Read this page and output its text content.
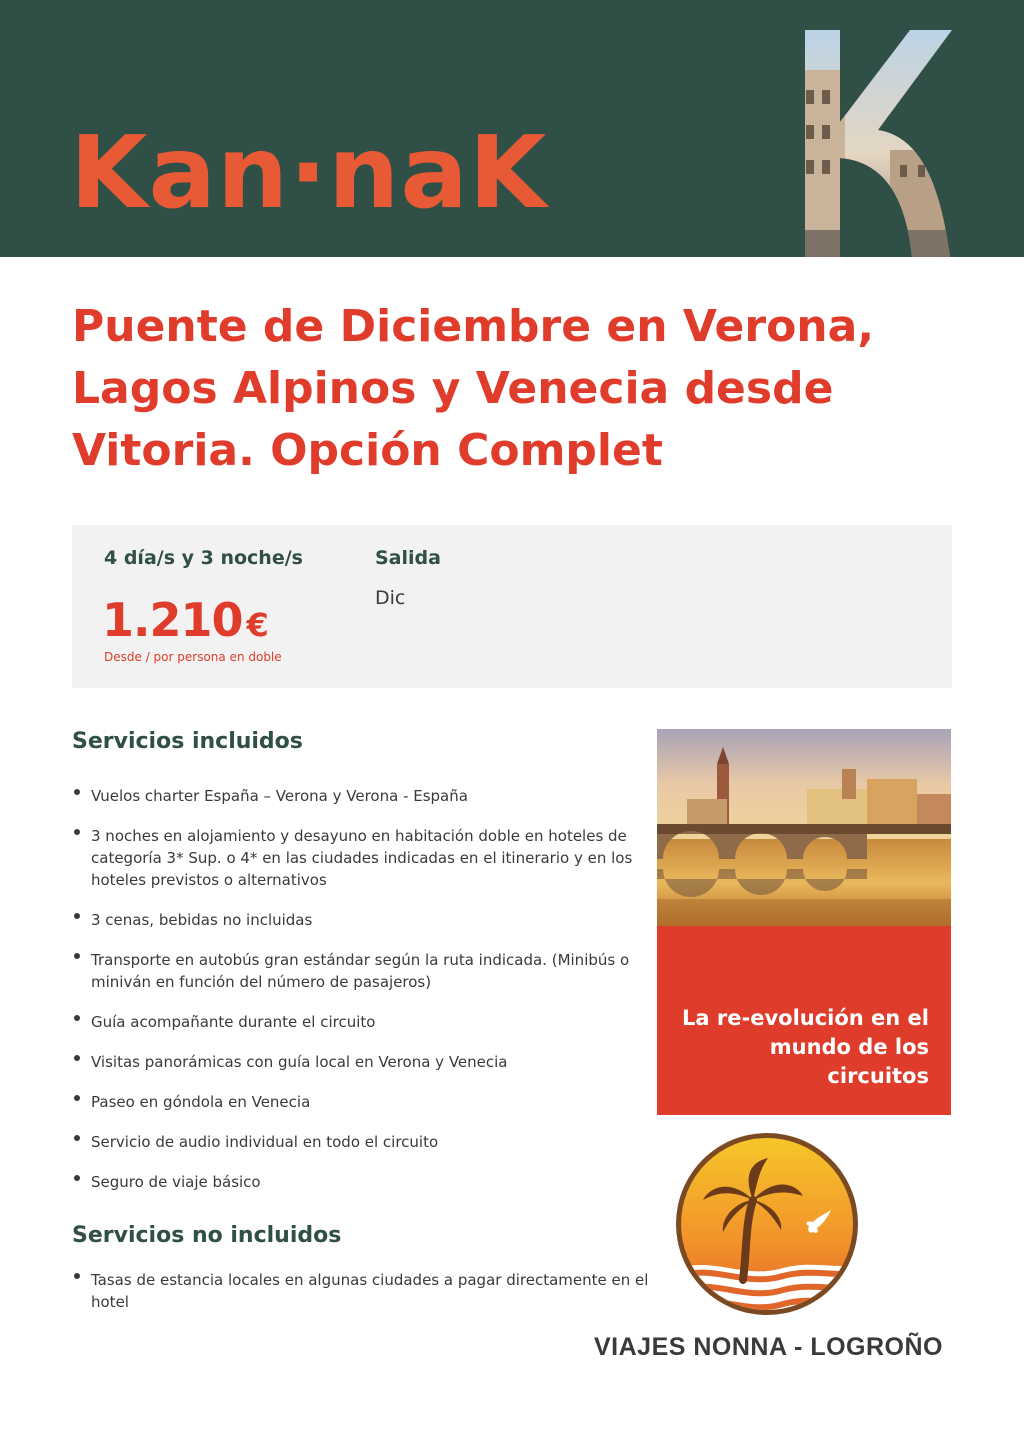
Kan·naK
Puente de Diciembre en Verona,
Lagos Alpinos y Venecia desde
Vitoria. Opción Complet
4 día/s y 3 noche/s
1.210 €
Desde / por persona en doble
Salida
Dic
Servicios incluidos
Vuelos charter España – Verona y Verona - España
3 noches en alojamiento y desayuno en habitación doble en hoteles de categoría 3* Sup. o 4* en las ciudades indicadas en el itinerario y en los hoteles previstos o alternativos
3 cenas, bebidas no incluidas
Transporte en autobús gran estándar según la ruta indicada. (Minibús o miniván en función del número de pasajeros)
Guía acompañante durante el circuito
Visitas panorámicas con guía local en Verona y Venecia
Paseo en góndola en Venecia
Servicio de audio individual en todo el circuito
Seguro de viaje básico
Servicios no incluidos
Tasas de estancia locales en algunas ciudades a pagar directamente en el hotel
La re-evolución en el mundo de los circuitos
VIAJES NONNA - LOGROÑO
